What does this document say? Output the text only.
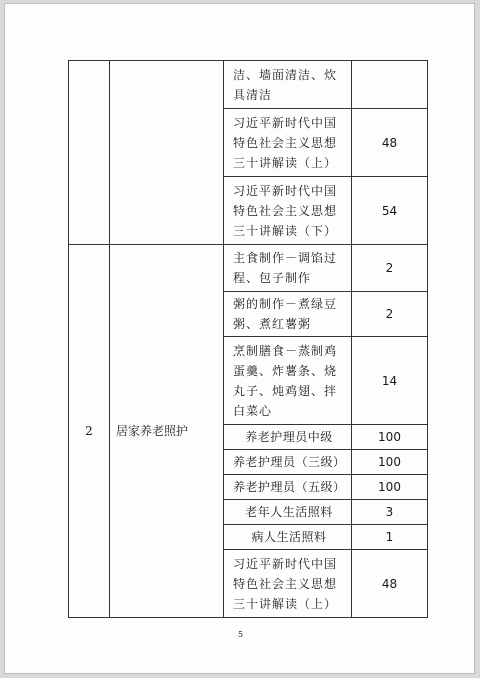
		洁、墙面清洁、炊具清洁	
		习近平新时代中国特色社会主义思想三十讲解读（上）	48
		习近平新时代中国特色社会主义思想三十讲解读（下）	54
2	居家养老照护	主食制作－调馅过程、包子制作	2
		粥的制作－煮绿豆粥、煮红薯粥	2
		烹制膳食－蒸制鸡蛋羹、炸薯条、烧丸子、炖鸡翅、拌白菜心	14
		养老护理员中级	100
		养老护理员（三级）	100
		养老护理员（五级）	100
		老年人生活照料	3
		病人生活照料	1
		习近平新时代中国特色社会主义思想三十讲解读（上）	48
5
